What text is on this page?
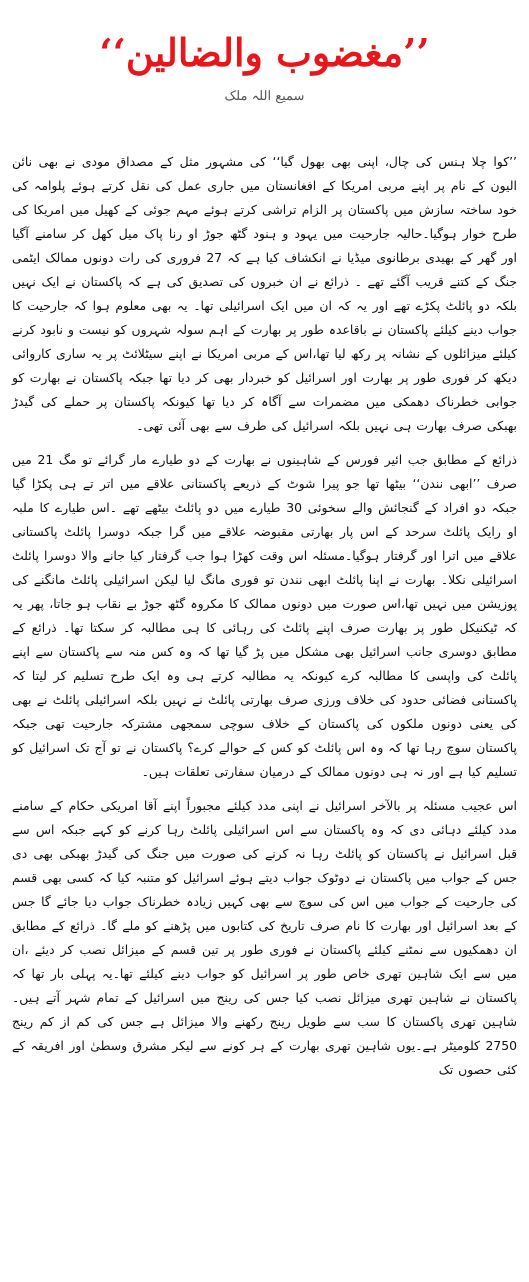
’’مغضوب والضالین‘‘
سمیع اللہ ملک

’’کوا چلا ہنس کی چال، اپنی بھی بھول گیا‘‘ کی مشہور مثل کے مصداق مودی نے بھی نائن الیون کے نام پر اپنے مربی امریکا کے افغانستان میں جاری عمل کی نقل کرتے ہوئے پلوامہ کی خود ساختہ سازش میں پاکستان پر الزام تراشی کرتے ہوئے مہم جوئی کے کھیل میں امریکا کی طرح خوار ہوگیا۔حالیہ جارحیت میں یہود و ہنود گٹھ جوڑ او رنا پاک میل کھل کر سامنے آگیا اور گھر کے بھیدی برطانوی میڈیا نے انکشاف کیا ہے کہ 27 فروری کی رات دونوں ممالک ایٹمی جنگ کے کتنے قریب آگئے تھے ۔ ذرائع نے ان خبروں کی تصدیق کی ہے کہ پاکستان نے ایک نہیں بلکہ دو پائلٹ پکڑے تھے اور یہ کہ ان میں ایک اسرائیلی تھا۔ یہ بھی معلوم ہوا کہ جارحیت کا جواب دینے کیلئے پاکستان نے باقاعدہ طور پر بھارت کے اہم سولہ شہروں کو نیست و نابود کرنے کیلئے میزائلوں کے نشانہ پر رکھ لیا تھا،اس کے مربی امریکا نے اپنے سیٹلائٹ پر یہ ساری کاروائی دیکھ کر فوری طور پر بھارت اور اسرائیل کو خبردار بھی کر دیا تھا جبکہ پاکستان نے بھارت کو جوابی خطرناک دھمکی میں مضمرات سے آگاہ کر دیا تھا کیونکہ پاکستان پر حملے کی گیدڑ بھبکی صرف بھارت ہی نہیں بلکہ اسرائیل کی طرف سے بھی آئی تھی۔

ذرائع کے مطابق جب ائیر فورس کے شاہینوں نے بھارت کے دو طیارے مار گرائے تو مگ 21 میں صرف ’’ابھی نندن‘‘ بیٹھا تھا جو پیرا شوٹ کے ذریعے پاکستانی علاقے میں اتر تے ہی پکڑا گیا جبکہ دو افراد کے گنجائش والے سخوئی 30 طیارے میں دو پائلٹ بیٹھے تھے ۔اس طیارے کا ملبہ او رایک پائلٹ سرحد کے اس پار بھارتی مقبوضہ علاقے میں گرا جبکہ دوسرا پائلٹ پاکستانی علاقے میں اترا اور گرفتار ہوگیا۔مسئلہ اس وقت کھڑا ہوا جب گرفتار کیا جانے والا دوسرا پائلٹ اسرائیلی نکلا۔ بھارت نے اپنا پائلٹ ابھی نندن تو فوری مانگ لیا لیکن اسرائیلی پائلٹ مانگنے کی پوزیشن میں نہیں تھا،اس صورت میں دونوں ممالک کا مکروہ گٹھ جوڑ بے نقاب ہو جاتا، پھر یہ کہ ٹیکنیکل طور پر بھارت صرف اپنے پائلٹ کی رہائی کا ہی مطالبہ کر سکتا تھا۔ ذرائع کے مطابق دوسری جانب اسرائیل بھی مشکل میں پڑ گیا تھا کہ وہ کس منہ سے پاکستان سے اپنے پائلٹ کی واپسی کا مطالبہ کرے کیونکہ یہ مطالبہ کرتے ہی وہ ایک طرح تسلیم کر لیتا کہ پاکستانی فضائی حدود کی خلاف ورزی صرف بھارتی پائلٹ نے نہیں بلکہ اسرائیلی پائلٹ نے بھی کی یعنی دونوں ملکوں کی پاکستان کے خلاف سوچی سمجھی مشترکہ جارحیت تھی جبکہ پاکستان سوچ رہا تھا کہ وہ اس پائلٹ کو کس کے حوالے کرے؟ پاکستان نے تو آج تک اسرائیل کو تسلیم کیا ہے اور نہ ہی دونوں ممالک کے درمیان سفارتی تعلقات ہیں۔

اس عجیب مسئلہ پر بالآخر اسرائیل نے اپنی مدد کیلئے مجبوراً اپنے آقا امریکی حکام کے سامنے مدد کیلئے دہائی دی کہ وہ پاکستان سے اس اسرائیلی پائلٹ رہا کرنے کو کہے جبکہ اس سے قبل اسرائیل نے پاکستان کو پائلٹ رہا نہ کرنے کی صورت میں جنگ کی گیدڑ بھبکی بھی دی جس کے جواب میں پاکستان نے دوٹوک جواب دیتے ہوئے اسرائیل کو متنبہ کیا کہ کسی بھی قسم کی جارحیت کے جواب میں اس کی سوچ سے بھی کہیں زیادہ خطرناک جواب دیا جائے گا جس کے بعد اسرائیل اور بھارت کا نام صرف تاریخ کی کتابوں میں پڑھنے کو ملے گا۔ ذرائع کے مطابق ان دھمکیوں سے نمٹنے کیلئے پاکستان نے فوری طور پر تین قسم کے میزائل نصب کر دیئے ،ان میں سے ایک شاہین تھری خاص طور پر اسرائیل کو جواب دینے کیلئے تھا۔یہ پہلی بار تھا کہ پاکستان نے شاہین تھری میزائل نصب کیا جس کی رینج میں اسرائیل کے تمام شہر آتے ہیں۔شاہین تھری پاکستان کا سب سے طویل رینج رکھنے والا میزائل ہے جس کی کم از کم رینج 2750 کلومیٹر ہے۔یوں شاہین تھری بھارت کے ہر کونے سے لیکر مشرق وسطیٰ اور افریقہ کے کئی حصوں تک
